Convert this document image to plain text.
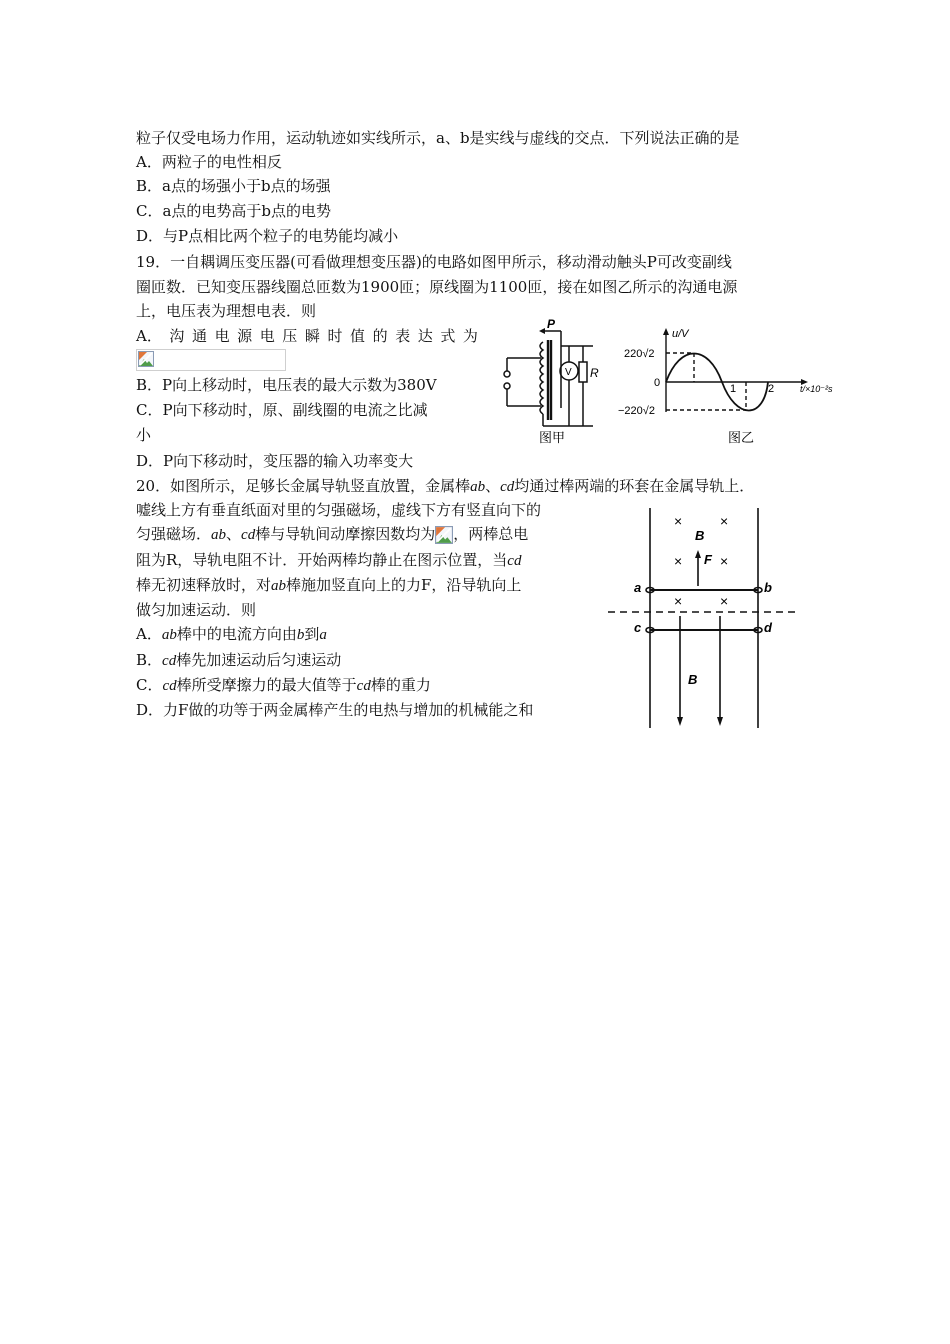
粒子仅受电场力作用，运动轨迹如实线所示，a、b是实线与虚线的交点．下列说法正确的是
A．两粒子的电性相反
B．a点的场强小于b点的场强
C．a点的电势高于b点的电势
D．与P点相比两个粒子的电势能均减小
19．一自耦调压变压器(可看做理想变压器)的电路如图甲所示，移动滑动触头P可改变副线
圈匝数．已知变压器线圈总匝数为1900匝；原线圈为1100匝，接在如图乙所示的沟通电源
上，电压表为理想电表．则
A． 沟 通 电 源 电 压 瞬 时 值 的 表 达 式 为
B．P向上移动时，电压表的最大示数为380V
C．P向下移动时，原、副线圈的电流之比减
小
D．P向下移动时，变压器的输入功率变大
P
V R
图甲
u/V
220√2
0
−220√2
1	2	t/×10⁻²s
图乙
20．如图所示，足够长金属导轨竖直放置，金属棒ab、cd均通过棒两端的环套在金属导轨上．
嘘线上方有垂直纸面对里的匀强磁场，虚线下方有竖直向下的
匀强磁场．ab、cd棒与导轨间动摩擦因数均为 ，两棒总电
阻为R，导轨电阻不计．开始两棒均静止在图示位置，当cd
棒无初速释放时，对ab棒施加竖直向上的力F，沿导轨向上
做匀加速运动．则
A．ab棒中的电流方向由b到a
B．cd棒先加速运动后匀速运动
C．cd棒所受摩擦力的最大值等于cd棒的重力
D．力F做的功等于两金属棒产生的电热与增加的机械能之和
×	×
×	×
×	×
B
F
a	b
c	d
B
